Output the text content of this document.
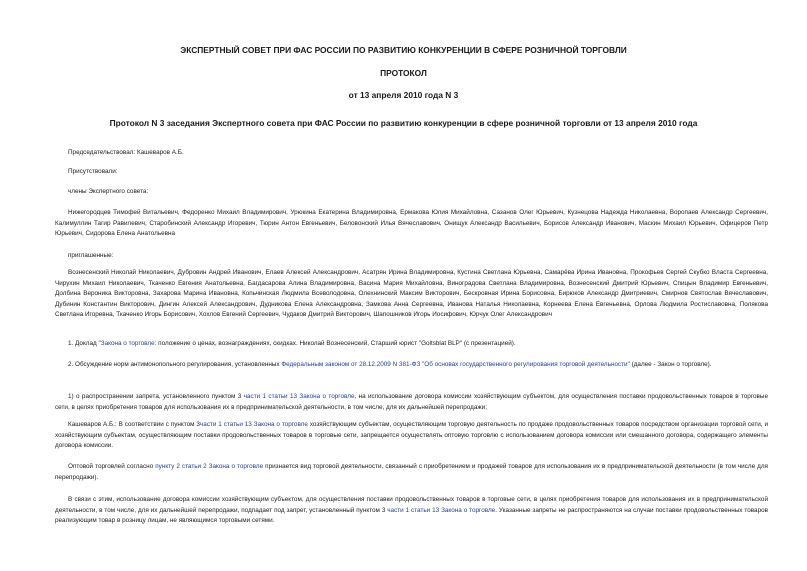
ЭКСПЕРТНЫЙ СОВЕТ ПРИ ФАС РОССИИ ПО РАЗВИТИЮ КОНКУРЕНЦИИ В СФЕРЕ РОЗНИЧНОЙ ТОРГОВЛИ
ПРОТОКОЛ
от 13 апреля 2010 года N 3
Протокол N 3 заседания Экспертного совета при ФАС России по развитию конкуренции в сфере розничной торговли от 13 апреля 2010 года
Председательствовал: Кашеваров А.Б.
Присутствовали:
члены Экспертного совета:
Нижегородцев Тимофей Витальевич, Федоренко Михаил Владимирович, Урюкина Екатерина Владимировна, Ермакова Юлия Михайловна, Сазанов Олег Юрьевич, Кузнецова Надежда Николаевна, Воропаев Александр Сергеевич, Калимуллин Тагир Равилевич, Старобинский Александр Игоревич, Тюрин Антон Евгеньевич, Беловонский Илья Вячеславович, Онищук Александр Васильевич, Борисов Александр Иванович, Маскин Михаил Юрьевич, Офицеров Петр Юрьевич, Сидорова Елена Анатольевна
приглашенные:
Вознесенский Николай Николаевич, Дубровин Андрей Иванович, Елаев Алексей Александрович, Асатрян Ирина Владимировна, Кустина Светлана Юрьевна, Самарёва Ирина Ивановна, Прокофьев Сергей Скубко Власта Сергеевна, Чирухин Михаил Николаевич, Ткаченко Евгения Анатольевна, Багдасарова Алина Владимировна, Васина Мария Михайловна, Виноградова Светлана Владимировна, Вознесенский Дмитрий Юрьевич, Спицын Владимир Евгеньевич, Долбина Вероника Викторовна, Захарова Марина Ивановна, Копьчинская Людмила Всеволодовна, Олехнинский Максим Викторович, Бескровная Ирина Борисовна, Бирюков Александр Дмитриевич, Смирнов Святослав Вячеславович, Дубинин Константин Викторович, Дингин Алексей Александрович, Дудникова Елена Александровна, Замкова Анна Сергеевна, Иванова Наталья Николаевна, Корнеева Елена Евгеньевна, Орлова Людмила Ростиславовна, Полякова Светлана Игоревна, Ткаченко Игорь Борисович, Хохлов Евгений Сергеевич, Чудаков Дмитрий Викторович, Шапошников Игорь Иосифович, Юрчук Олег Александрович
1. Доклад "Закона о торговле: положение о ценах, вознаграждениях, скидках. Николай Вознесенский, Старший юрист "Goltsblat BLP" (с презентацией).
2. Обсуждение норм антимонопольного регулирования, установленных Федеральным законом от 28.12.2009 N 381-ФЗ "Об основах государственного регулирования торговой деятельности" (далее - Закон о торговле).
1) о распространении запрета, установленного пунктом 3 части 1 статьи 13 Закона о торговле, на использование договора комиссии хозяйствующим субъектом, для осуществления поставки продовольственных товаров в торговые сети, в целях приобретения товаров для использования их в предпринимательской деятельности, в том числе, для их дальнейшей перепродажи;
Кашеваров А.Б.: В соответствии с пунктом 3части 1 статьи 13 Закона о торговле хозяйствующим субъектам, осуществляющим торговую деятельность по продаже продовольственных товаров посредством организации торговой сети, и хозяйствующим субъектам, осуществляющим поставки продовольственных товаров в торговые сети, запрещается осуществлять оптовую торговлю с использованием договора комиссии или смешанного договора, содержащего элементы договора комиссии.
Оптовой торговлей согласно пункту 2 статьи 2 Закона о торговле признается вид торговой деятельности, связанный с приобретением и продажей товаров для использования их в предпринимательской деятельности (в том числе для перепродажи).
В связи с этим, использование договора комиссии хозяйствующим субъектом, для осуществления поставки продовольственных товаров в торговые сети, в целях приобретения товаров для использования их в предпринимательской деятельности, в том числе, для их дальнейшей перепродажи, подпадает под запрет, установленный пунктом 3 части 1 статьи 13 Закона о торговле. Указанные запреты не распространяются на случаи поставки продовольственных товаров реализующим товар в розницу лицам, не являющимся торговыми сетями.
